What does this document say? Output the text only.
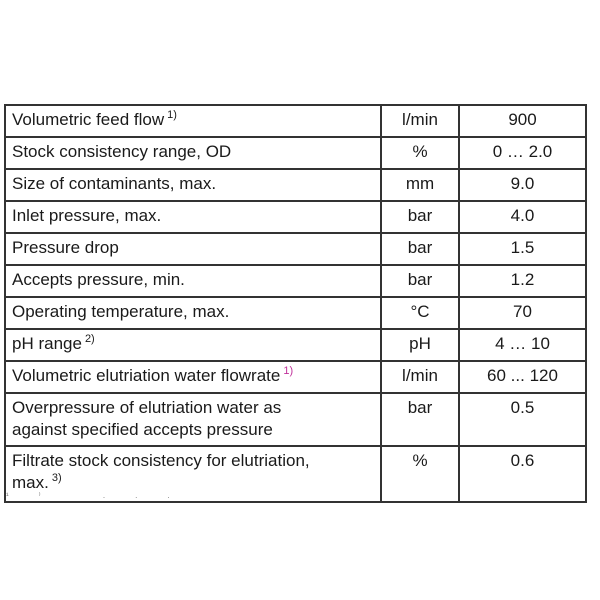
Volumetric feed flow $^{1)}$	l/min	900
Stock consistency range, OD	%	0 … 2.0
Size of contaminants, max.	mm	9.0
Inlet pressure, max.	bar	4.0
Pressure drop	bar	1.5
Accepts pressure, min.	bar	1.2
Operating temperature, max.	°C	70
pH range $^{2)}$	pH	4 … 10
Volumetric elutriation water flowrate $^{1)}$	l/min	60 ... 120
Overpressure of elutriation water as
against specified accepts pressure	bar	0.5
Filtrate stock consistency for elutriation,
max. $^{3)}$	%	0.6
¹⁾ ...
